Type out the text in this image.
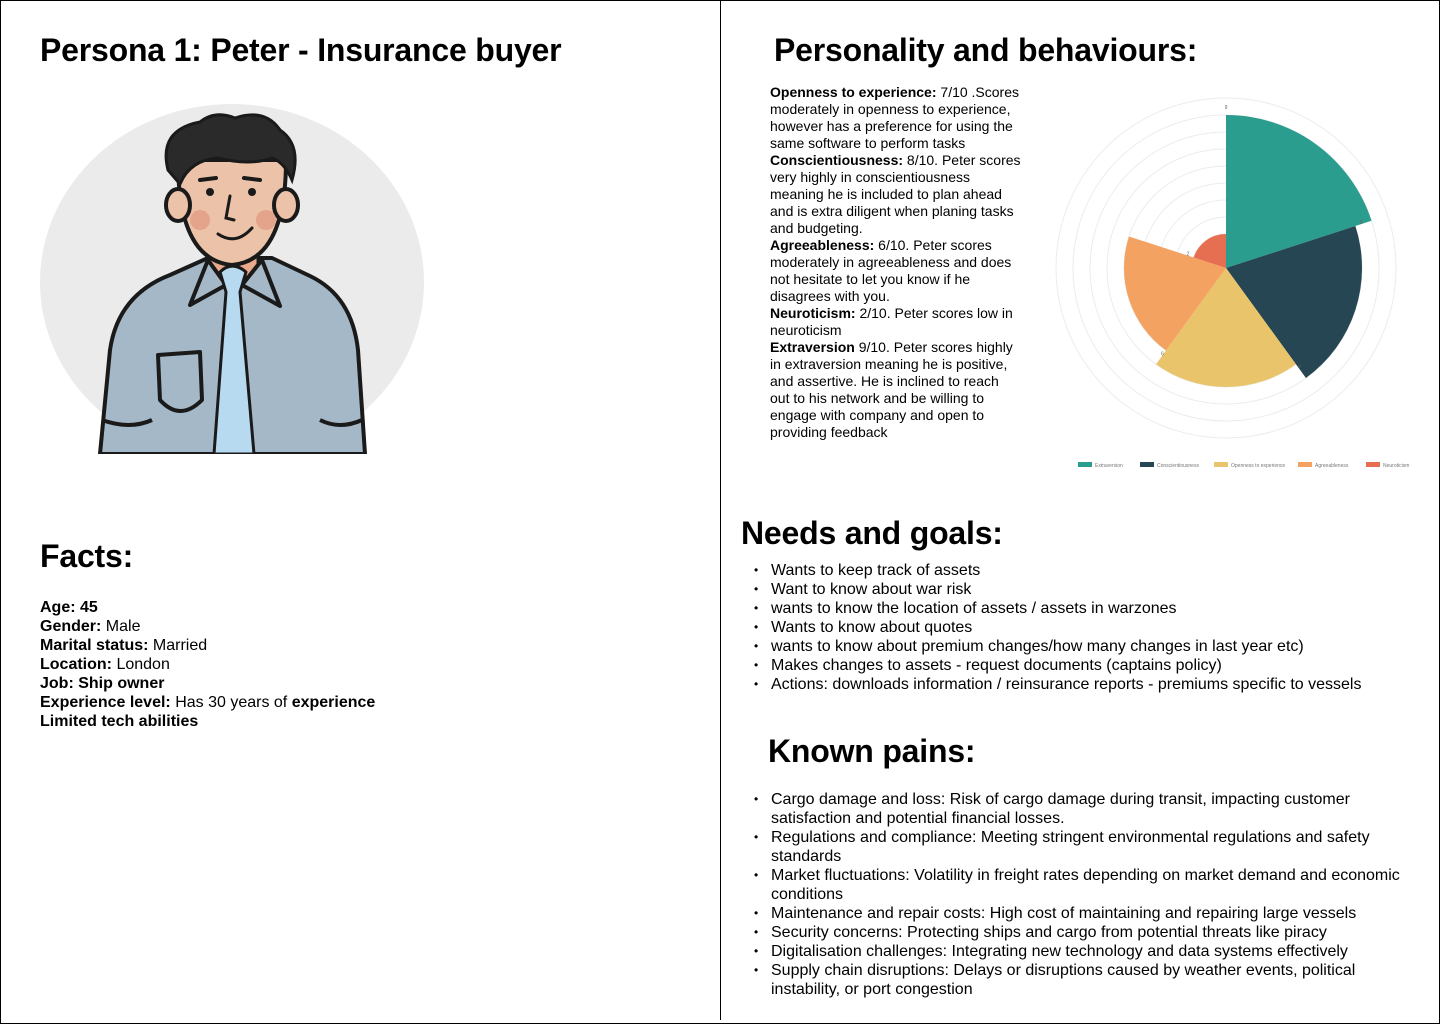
Persona 1: Peter - Insurance buyer
Facts:
Age: 45
Gender: Male
Marital status: Married
Location: London
Job: Ship owner
Experience level: Has 30 years of experience
Limited tech abilities
Personality and behaviours:
Openness to experience: 7/10 .Scores moderately in openness to experience, however has a preference for using the same software to perform tasks
Conscientiousness: 8/10. Peter scores very highly in conscientiousness meaning he is included to plan ahead and is extra diligent when planing tasks and budgeting.
Agreeableness: 6/10. Peter scores moderately in agreeableness and does not hesitate to let you know if he disagrees with you.
Neuroticism: 2/10. Peter scores low in neuroticism
Extraversion 9/10. Peter scores highly in extraversion meaning he is positive, and assertive. He is inclined to reach out to his network and be willing to engage with company and open to providing feedback
9
8
7
6
2
Extraversion	Conscientiousness	Openness to experience	Agreeableness	Neuroticism
Needs and goals:
• Wants to keep track of assets
• Want to know about war risk
• wants to know the location of assets / assets in warzones
• Wants to know about quotes
• wants to know about premium changes/how many changes in last year etc)
• Makes changes to assets - request documents (captains policy)
• Actions: downloads information / reinsurance reports - premiums specific to vessels
Known pains:
• Cargo damage and loss: Risk of cargo damage during transit, impacting customer satisfaction and potential financial losses.
• Regulations and compliance: Meeting stringent environmental regulations and safety standards
• Market fluctuations: Volatility in freight rates depending on market demand and economic conditions
• Maintenance and repair costs: High cost of maintaining and repairing large vessels
• Security concerns: Protecting ships and cargo from potential threats like piracy
• Digitalisation challenges: Integrating new technology and data systems effectively
• Supply chain disruptions: Delays or disruptions caused by weather events, political instability, or port congestion
